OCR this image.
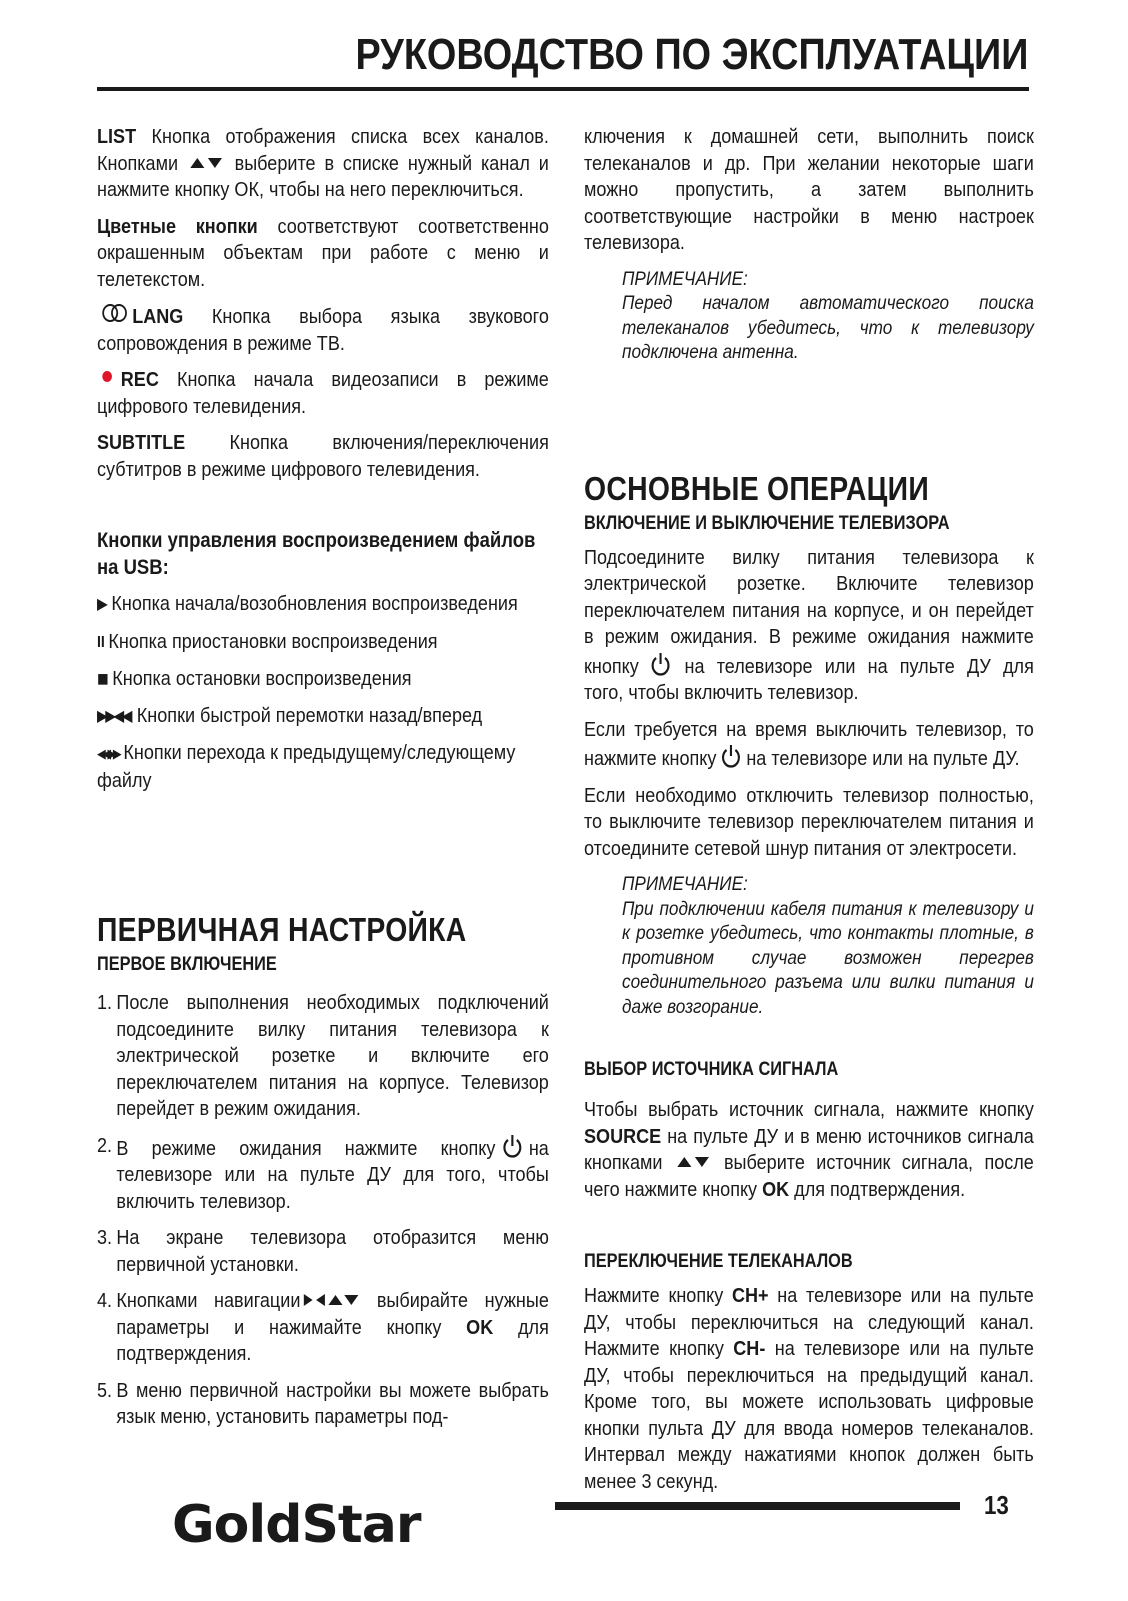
РУКОВОДСТВО ПО ЭКСПЛУАТАЦИИ

LIST Кнопка отображения списка всех каналов. Кнопками  выберите в списке нужный канал и нажмите кнопку ОК, чтобы на него переключиться.

Цветные кнопки соответствуют соответственно окрашенным объектам при работе с меню и телетекстом.

LANG Кнопка выбора языка звукового сопровождения в режиме ТВ.

REC Кнопка начала видеозаписи в режиме цифрового телевидения.

SUBTITLE Кнопка включения/переключения субтитров в режиме цифрового телевидения.

Кнопки управления воспроизведением файлов на USB:
▶ Кнопка начала/возобновления воспроизведения
II Кнопка приостановки воспроизведения
■ Кнопка остановки воспроизведения
▶▶◀◀ Кнопки быстрой перемотки назад/вперед
◀◀▶▶ Кнопки перехода к предыдущему/следующему файлу
ПЕРВИЧНАЯ НАСТРОЙКА
ПЕРВОЕ ВКЛЮЧЕНИЕ
1. После выполнения необходимых подключений подсоедините вилку питания телевизора к электрической розетке и включите его переключателем питания на корпусе. Телевизор перейдет в режим ожидания.
2. В режиме ожидания нажмите кнопку на телевизоре или на пульте ДУ для того, чтобы включить телевизор.
3. На экране телевизора отобразится меню первичной установки.
4. Кнопками навигации	выбирайте нужные параметры и нажимайте кнопку OK для подтверждения.
5. В меню первичной настройки вы можете выбрать язык меню, установить параметры под-

ключения к домашней сети, выполнить поиск телеканалов и др. При желании некоторые шаги можно пропустить, а затем выполнить соответствующие настройки в меню настроек телевизора.

ПРИМЕЧАНИЕ:
Перед началом автоматического поиска телеканалов убедитесь, что к телевизору подключена антенна.
ОСНОВНЫЕ ОПЕРАЦИИ
ВКЛЮЧЕНИЕ И ВЫКЛЮЧЕНИЕ ТЕЛЕВИЗОРА

Подсоедините вилку питания телевизора к электрической розетке. Включите телевизор переключателем питания на корпусе, и он перейдет в режим ожидания. В режиме ожидания нажмите кнопку на телевизоре или на пульте ДУ для того, чтобы включить телевизор.

Если требуется на время выключить телевизор, то нажмите кнопку на телевизоре или на пульте ДУ.

Если необходимо отключить телевизор полностью, то выключите телевизор переключателем питания и отсоедините сетевой шнур питания от электросети.

ПРИМЕЧАНИЕ:
При подключении кабеля питания к телевизору и к розетке убедитесь, что контакты плотные, в противном случае возможен перегрев соединительного разъема или вилки питания и даже возгорание.
ВЫБОР ИСТОЧНИКА СИГНАЛА

Чтобы выбрать источник сигнала, нажмите кнопку SOURCE на пульте ДУ и в меню источников сигнала кнопками  выберите источник сигнала, после чего нажмите кнопку OK для подтверждения.

ПЕРЕКЛЮЧЕНИЕ ТЕЛЕКАНАЛОВ

Нажмите кнопку CH+ на телевизоре или на пульте ДУ, чтобы переключиться на следующий канал. Нажмите кнопку CH- на телевизоре или на пульте ДУ, чтобы переключиться на предыдущий канал. Кроме того, вы можете использовать цифровые кнопки пульта ДУ для ввода номеров телеканалов. Интервал между нажатиями кнопок должен быть менее 3 секунд.

GoldStar	13
